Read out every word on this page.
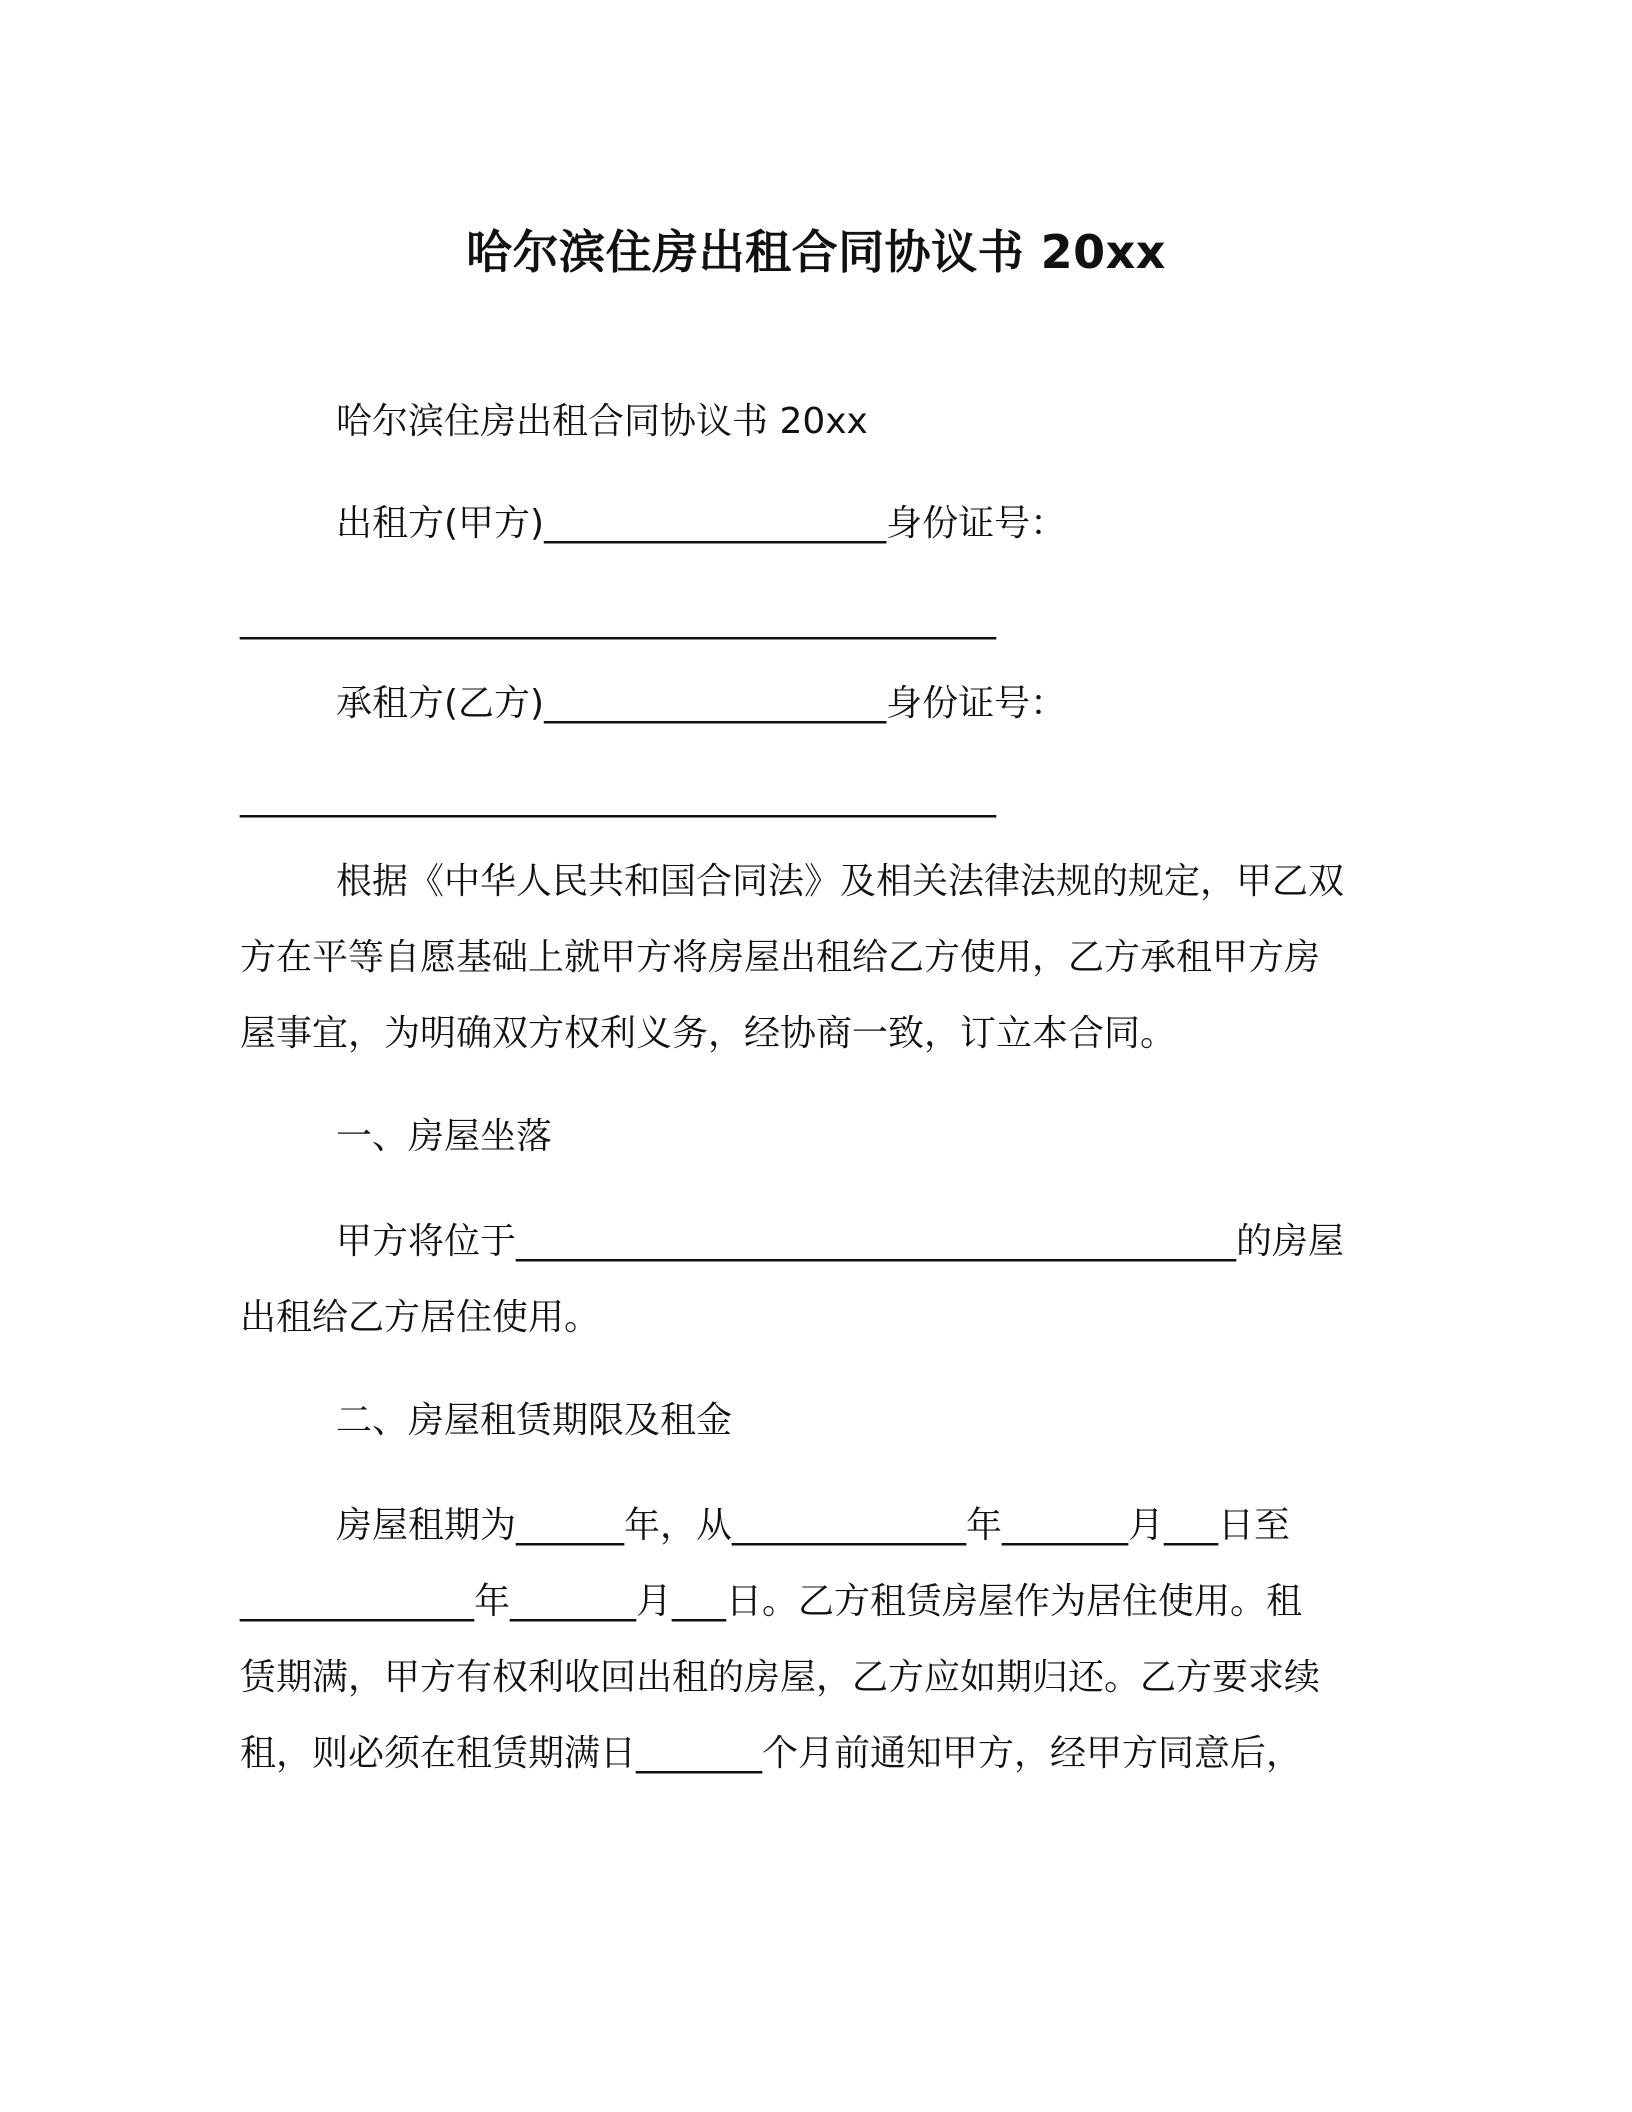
哈尔滨住房出租合同协议书 20xx
哈尔滨住房出租合同协议书 20xx
出租方(甲方)___________________身份证号：
__________________________________________
承租方(乙方)___________________身份证号：
__________________________________________
根据《中华人民共和国合同法》及相关法律法规的规定，甲乙双
方在平等自愿基础上就甲方将房屋出租给乙方使用，乙方承租甲方房
屋事宜，为明确双方权利义务，经协商一致，订立本合同。
一、房屋坐落
甲方将位于________________________________________的房屋
出租给乙方居住使用。
二、房屋租赁期限及租金
房屋租期为______年，从_____________年_______月___日至
_____________年_______月___日。乙方租赁房屋作为居住使用。租
赁期满，甲方有权利收回出租的房屋，乙方应如期归还。乙方要求续
租，则必须在租赁期满日_______个月前通知甲方，经甲方同意后，
